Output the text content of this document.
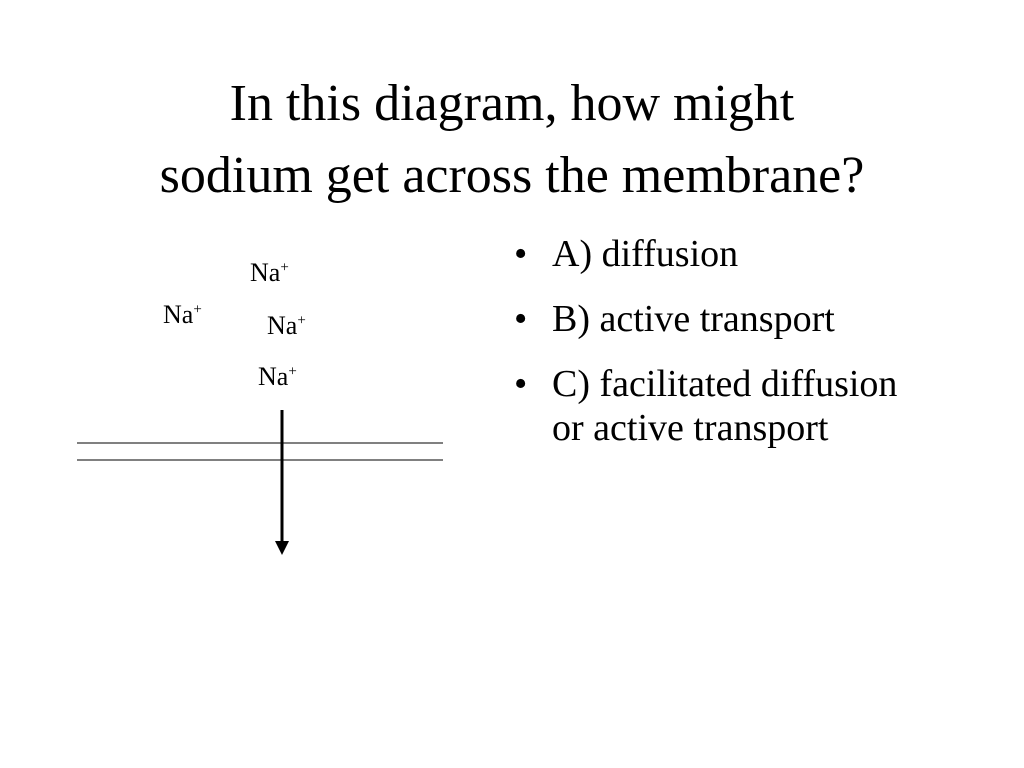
In this diagram, how might
sodium get across the membrane?
Na+
Na+
Na+
Na+
• A) diffusion
• B) active transport
• C) facilitated diffusion or active transport
